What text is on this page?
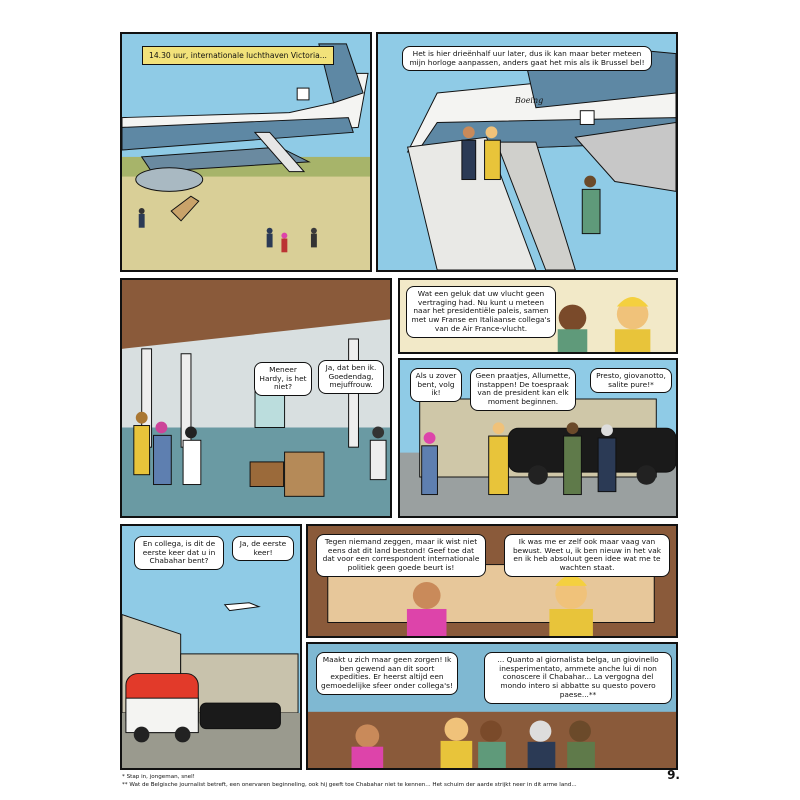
14.30 uur, internationale luchthaven Victoria...	Het is hier drieënhalf uur later, dus ik kan maar beter meteen mijn horloge aanpassen, anders gaat het mis als ik Brussel bel!
Boeing
Meneer Hardy, is het niet?
Ja, dat ben ik. Goedendag, mejuffrouw.
Wat een geluk dat uw vlucht geen vertraging had. Nu kunt u meteen naar het presidentiële paleis, samen met uw Franse en Italiaanse collega's van de Air France-vlucht.
Als u zover bent, volg ik!
Geen praatjes, Allumette, instappen! De toespraak van de president kan elk moment beginnen.
Presto, giovanotto, salite pure!*
En collega, is dit de eerste keer dat u in Chabahar bent?
Ja, de eerste keer!
Tegen niemand zeggen, maar ik wist niet eens dat dit land bestond! Geef toe dat dat voor een correspondent internationale politiek geen goede beurt is!
Ik was me er zelf ook maar vaag van bewust. Weet u, ik ben nieuw in het vak en ik heb absoluut geen idee wat me te wachten staat.
Maakt u zich maar geen zorgen! Ik ben gewend aan dit soort expedities. Er heerst altijd een gemoedelijke sfeer onder collega's!
... Quanto al giornalista belga, un giovinello inesperimentato, ammete anche lui di non conoscere il Chabahar... La vergogna del mondo intero si abbatte su questo povero paese...**
* Stap in, jongeman, snel!
** Wat de Belgische journalist betreft, een onervaren beginneling, ook hij geeft toe Chabahar niet te kennen... Het schuim der aarde strijkt neer in dit arme land...
9.
